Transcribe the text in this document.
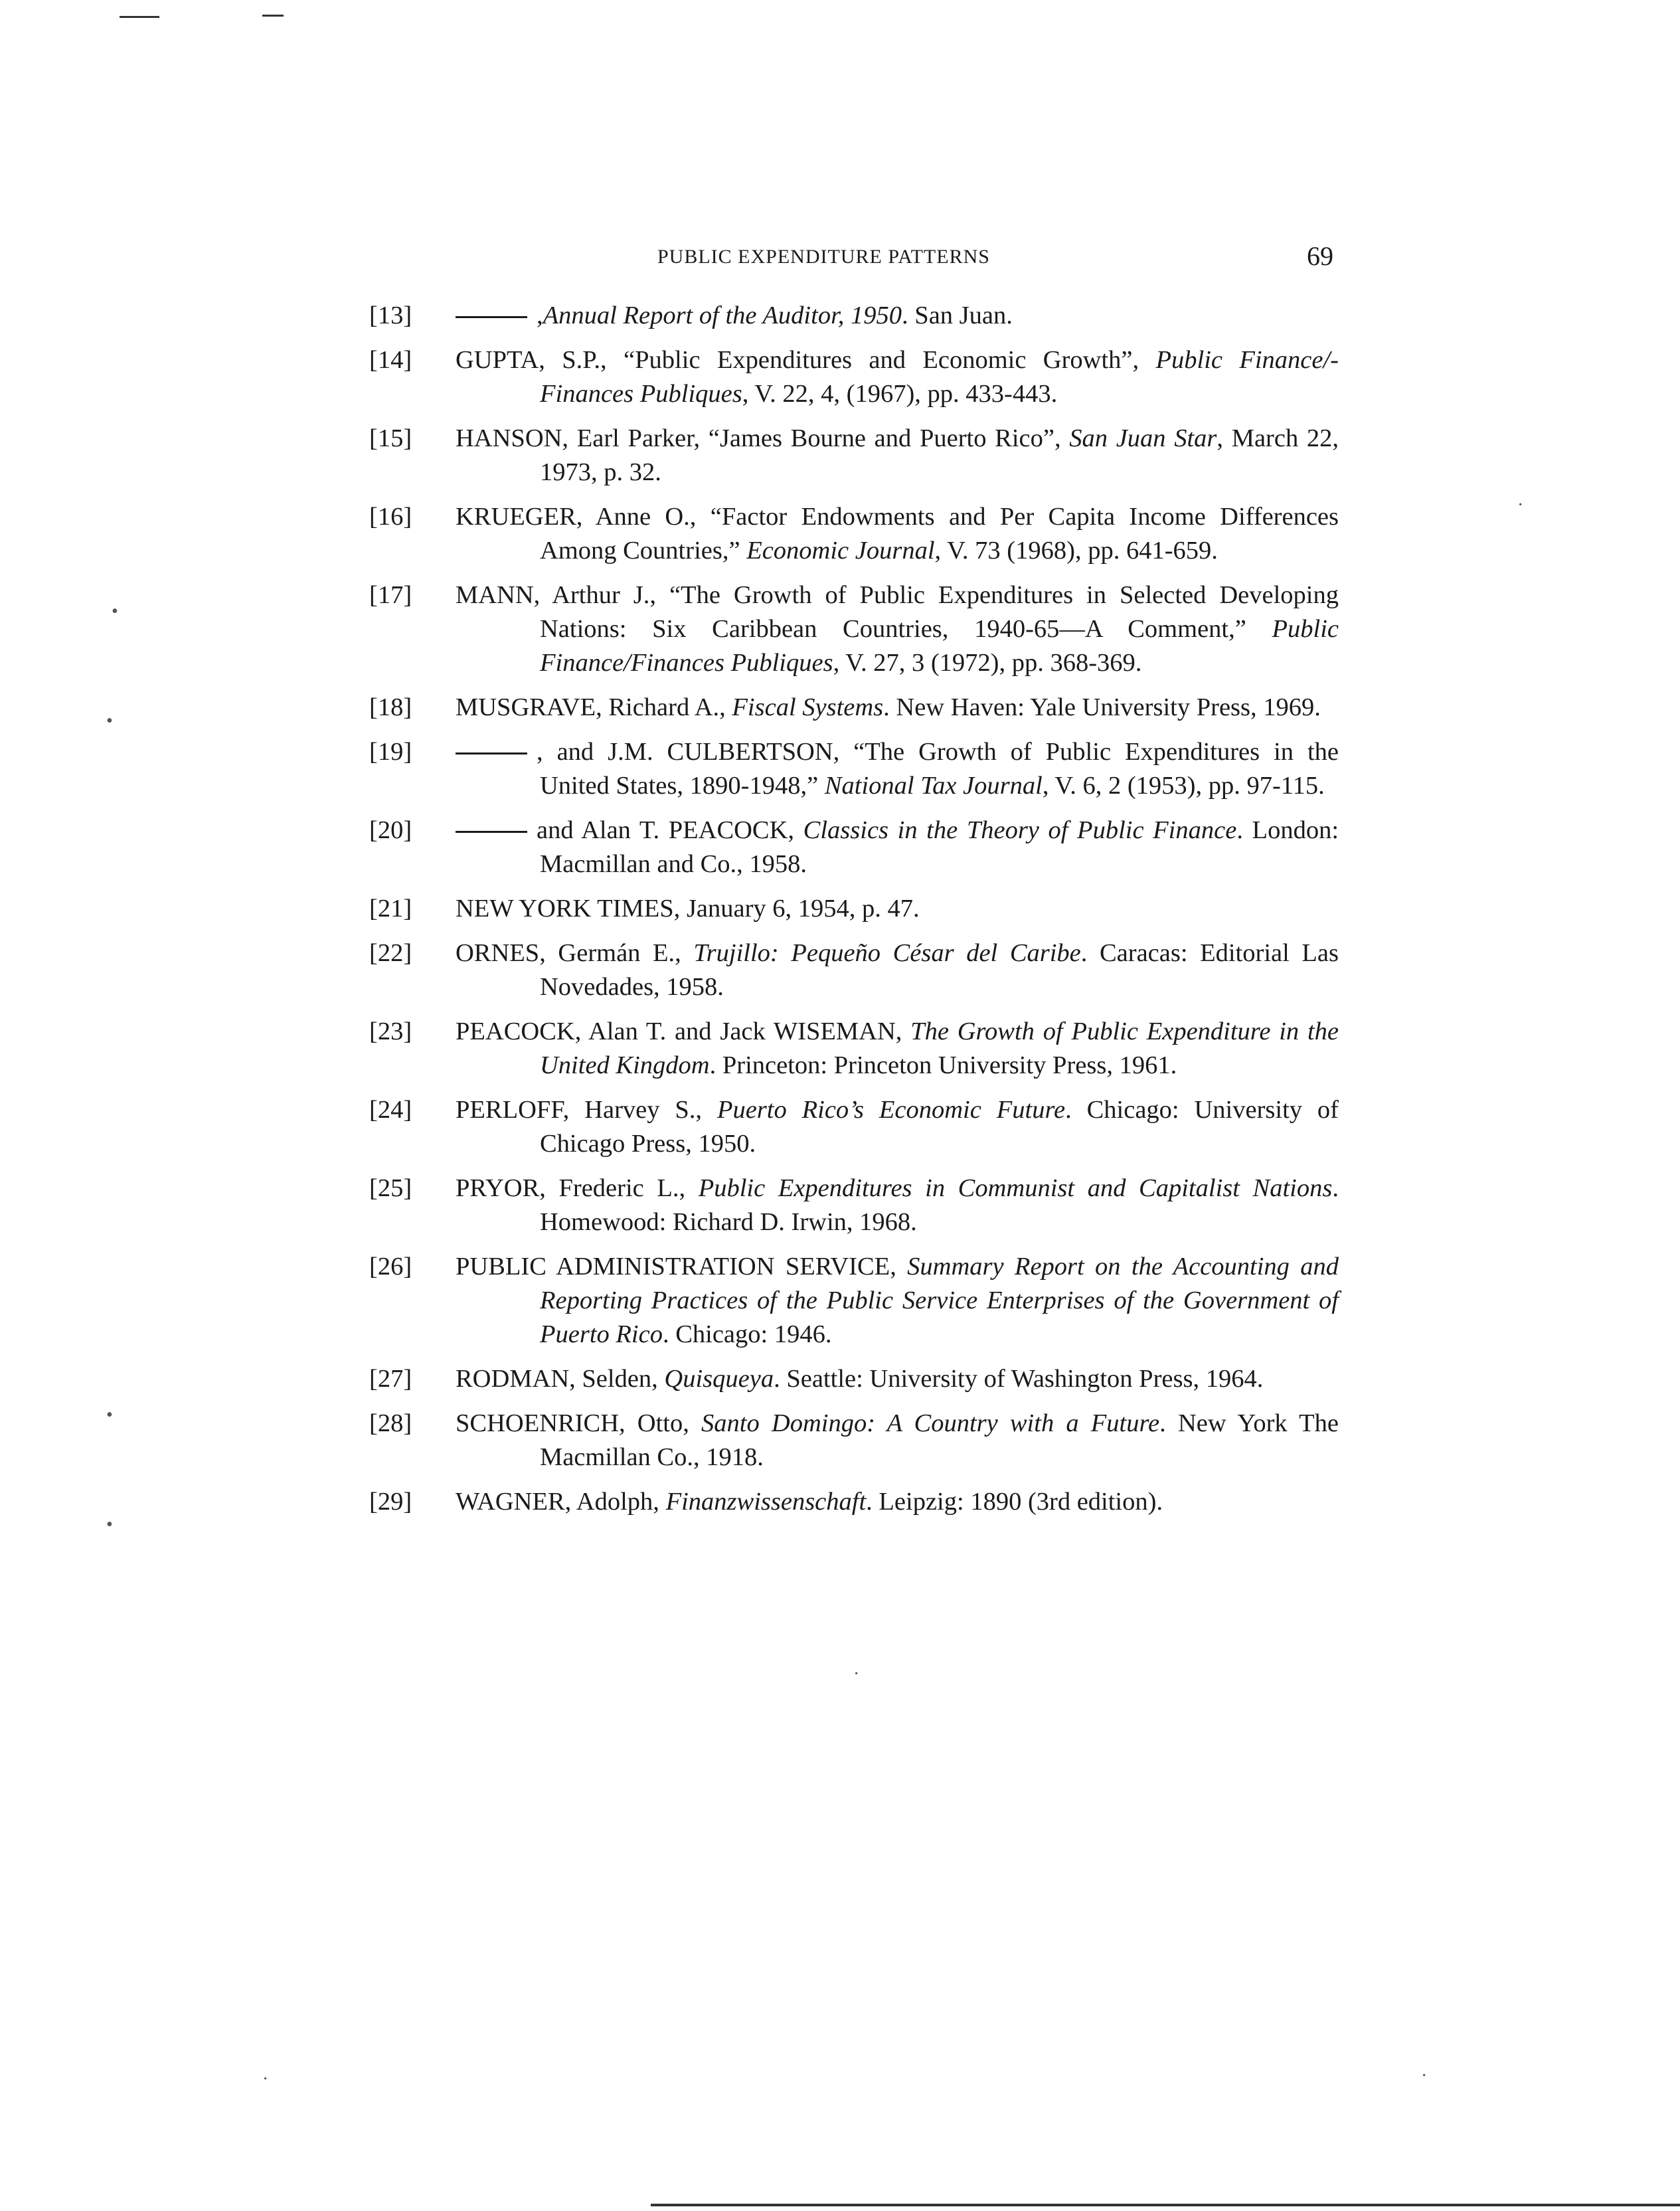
PUBLIC EXPENDITURE PATTERNS	69
[13]	,Annual Report of the Auditor, 1950. San Juan.
[14] GUPTA, S.P., “Public Expenditures and Economic Growth”, Public Finance/-Finances Publiques, V. 22, 4, (1967), pp. 433-443.
[15] HANSON, Earl Parker, “James Bourne and Puerto Rico”, San Juan Star, March 22, 1973, p. 32.
[16] KRUEGER, Anne O., “Factor Endowments and Per Capita Income Differences Among Countries,” Economic Journal, V. 73 (1968), pp. 641-659.
[17] MANN, Arthur J., “The Growth of Public Expenditures in Selected Developing Nations: Six Caribbean Countries, 1940-65—A Comment,” Public Finance/Finances Publiques, V. 27, 3 (1972), pp. 368-369.
[18] MUSGRAVE, Richard A., Fiscal Systems. New Haven: Yale University Press, 1969.
[19]	, and J.M. CULBERTSON, “The Growth of Public Expenditures in the United States, 1890-1948,” National Tax Journal, V. 6, 2 (1953), pp. 97-115.
[20]	and Alan T. PEACOCK, Classics in the Theory of Public Finance. London: Macmillan and Co., 1958.
[21] NEW YORK TIMES, January 6, 1954, p. 47.
[22] ORNES, Germán E., Trujillo: Pequeño César del Caribe. Caracas: Editorial Las Novedades, 1958.
[23] PEACOCK, Alan T. and Jack WISEMAN, The Growth of Public Expenditure in the United Kingdom. Princeton: Princeton University Press, 1961.
[24] PERLOFF, Harvey S., Puerto Rico’s Economic Future. Chicago: University of Chicago Press, 1950.
[25] PRYOR, Frederic L., Public Expenditures in Communist and Capitalist Nations. Homewood: Richard D. Irwin, 1968.
[26] PUBLIC ADMINISTRATION SERVICE, Summary Report on the Accounting and Reporting Practices of the Public Service Enterprises of the Government of Puerto Rico. Chicago: 1946.
[27] RODMAN, Selden, Quisqueya. Seattle: University of Washington Press, 1964.
[28] SCHOENRICH, Otto, Santo Domingo: A Country with a Future. New York The Macmillan Co., 1918.
[29] WAGNER, Adolph, Finanzwissenschaft. Leipzig: 1890 (3rd edition).
•
•
•
•
·
·
·	·
